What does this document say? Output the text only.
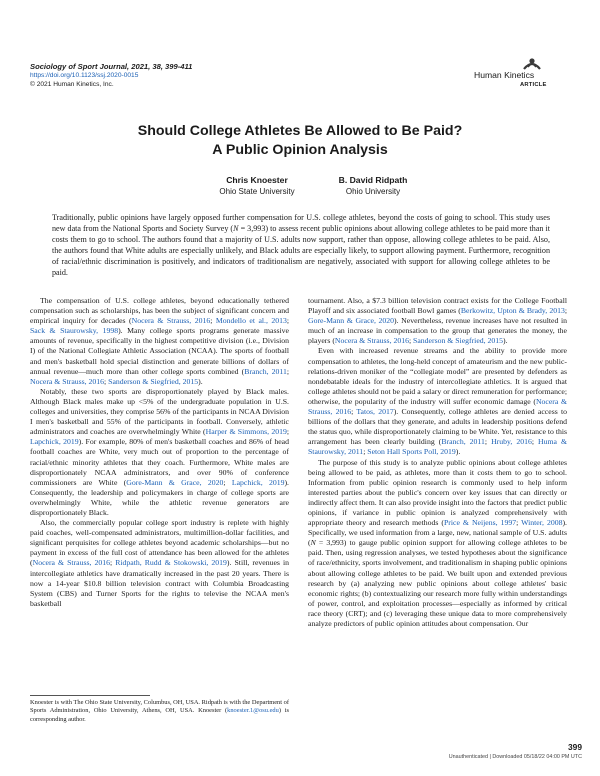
Sociology of Sport Journal, 2021, 38, 399-411
https://doi.org/10.1123/ssj.2020-0015
© 2021 Human Kinetics, Inc.
Human Kinetics
ARTICLE
Should College Athletes Be Allowed to Be Paid?
A Public Opinion Analysis
Chris Knoester
Ohio State University
B. David Ridpath
Ohio University
Traditionally, public opinions have largely opposed further compensation for U.S. college athletes, beyond the costs of going to school. This study uses new data from the National Sports and Society Survey (N = 3,993) to assess recent public opinions about allowing college athletes to be paid more than it costs them to go to school. The authors found that a majority of U.S. adults now support, rather than oppose, allowing college athletes to be paid. Also, the authors found that White adults are especially unlikely, and Black adults are especially likely, to support allowing payment. Furthermore, recognition of racial/ethnic discrimination is positively, and indicators of traditionalism are negatively, associated with support for allowing college athletes to be paid.

The compensation of U.S. college athletes, beyond educationally tethered compensation such as scholarships, has been the subject of significant concern and empirical inquiry for decades (Nocera & Strauss, 2016; Mondello et al., 2013; Sack & Staurowsky, 1998). Many college sports programs generate massive amounts of revenue, specifically in the highest competitive division (i.e., Division I) of the National Collegiate Athletic Association (NCAA). The sports of football and men's basketball hold special distinction and generate billions of dollars of annual revenue—much more than other college sports combined (Branch, 2011; Nocera & Strauss, 2016; Sanderson & Siegfried, 2015).

Notably, these two sports are disproportionately played by Black males. Although Black males make up <5% of the undergraduate population in U.S. colleges and universities, they comprise 56% of the participants in NCAA Division I men's basketball and 55% of the participants in football. Conversely, athletic administrators and coaches are overwhelmingly White (Harper & Simmons, 2019; Lapchick, 2019). For example, 80% of men's basketball coaches and 86% of head football coaches are White, very much out of proportion to the percentage of racial/ethnic minority athletes that they coach. Furthermore, White males are disproportionately NCAA administrators, and over 90% of conference commissioners are White (Gore-Mann & Grace, 2020; Lapchick, 2019). Consequently, the leadership and policymakers in charge of college sports are overwhelmingly White, while the athletic revenue generators are disproportionately Black.

Also, the commercially popular college sport industry is replete with highly paid coaches, well-compensated administrators, multimillion-dollar facilities, and significant perquisites for college athletes beyond academic scholarships—but no payment in excess of the full cost of attendance has been allowed for the athletes (Nocera & Strauss, 2016; Ridpath, Rudd & Stokowski, 2019). Still, revenues in intercollegiate athletics have dramatically increased in the past 20 years. There is now a 14-year $10.8 billion television contract with Columbia Broadcasting System (CBS) and Turner Sports for the rights to televise the NCAA men's basketball

tournament. Also, a $7.3 billion television contract exists for the College Football Playoff and six associated football Bowl games (Berkowitz, Upton & Brady, 2013; Gore-Mann & Grace, 2020). Nevertheless, revenue increases have not resulted in much of an increase in compensation to the group that generates the money, the players (Nocera & Strauss, 2016; Sanderson & Siegfried, 2015).

Even with increased revenue streams and the ability to provide more compensation to athletes, the long-held concept of amateurism and the new public-relations-driven moniker of the “collegiate model” are presented by defenders as nondebatable ideals for the industry of intercollegiate athletics. It is argued that college athletes should not be paid a salary or direct remuneration for performance; otherwise, the popularity of the industry will suffer economic damage (Nocera & Strauss, 2016; Tatos, 2017). Consequently, college athletes are denied access to billions of the dollars that they generate, and adults in leadership positions defend the status quo, while disproportionately claiming to be White. Yet, resistance to this arrangement has been clearly building (Branch, 2011; Hruby, 2016; Huma & Staurowsky, 2011; Seton Hall Sports Poll, 2019).

The purpose of this study is to analyze public opinions about college athletes being allowed to be paid, as athletes, more than it costs them to go to school. Information from public opinion research is commonly used to help inform interested parties about the public's concern over key issues that can directly or indirectly affect them. It can also provide insight into the factors that predict public opinions, if variance in public opinion is analyzed comprehensively with appropriate theory and research methods (Price & Neijens, 1997; Winter, 2008). Specifically, we used information from a large, new, national sample of U.S. adults (N = 3,993) to gauge public opinion support for allowing college athletes to be paid. Then, using regression analyses, we tested hypotheses about the significance of race/ethnicity, sports involvement, and traditionalism in shaping public opinions about allowing college athletes to be paid. We built upon and extended previous research by (a) analyzing new public opinions about college athletes' basic economic rights; (b) contextualizing our research more fully within understandings of power, control, and exploitation processes—especially as informed by critical race theory (CRT); and (c) leveraging these unique data to more comprehensively analyze predictors of public opinion attitudes about compensation. Our

Knoester is with The Ohio State University, Columbus, OH, USA. Ridpath is with the Department of Sports Administration, Ohio University, Athens, OH, USA. Knoester (knoester.1@osu.edu) is corresponding author.
399
Unauthenticated | Downloaded 05/18/22 04:00 PM UTC
